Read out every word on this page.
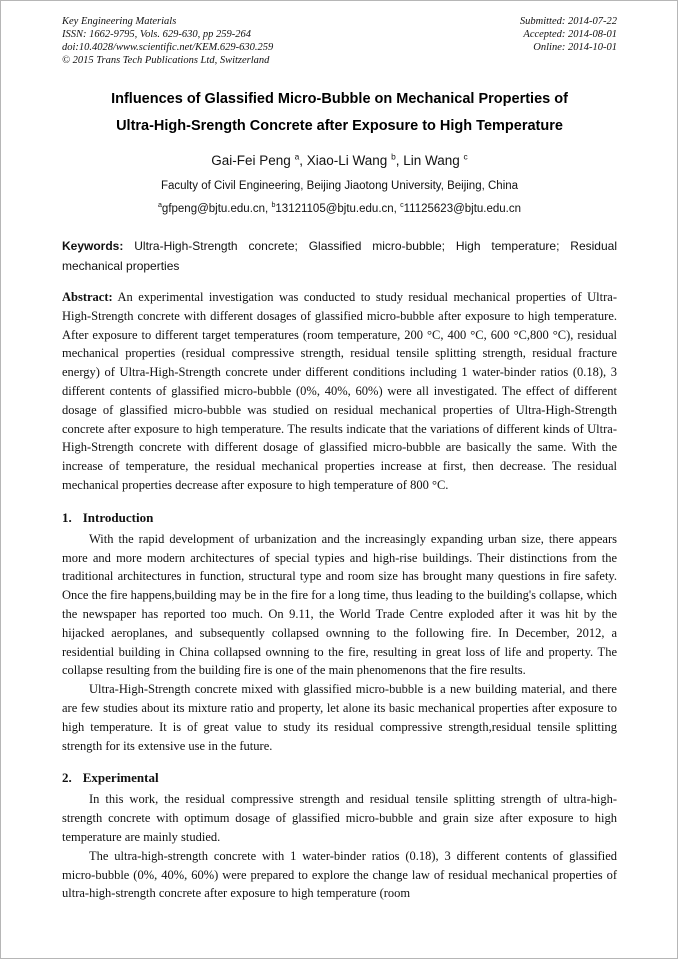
Key Engineering Materials
ISSN: 1662-9795, Vols. 629-630, pp 259-264
doi:10.4028/www.scientific.net/KEM.629-630.259
© 2015 Trans Tech Publications Ltd, Switzerland
Submitted: 2014-07-22
Accepted: 2014-08-01
Online: 2014-10-01
Influences of Glassified Micro-Bubble on Mechanical Properties of
Ultra-High-Srength Concrete after Exposure to High Temperature
Gai-Fei Peng $^a$, Xiao-Li Wang $^b$, Lin Wang $^c$
Faculty of Civil Engineering, Beijing Jiaotong University, Beijing, China
$^a$gfpeng@bjtu.edu.cn, $^b$13121105@bjtu.edu.cn, $^c$11125623@bjtu.edu.cn

Keywords: Ultra-High-Strength concrete; Glassified micro-bubble; High temperature; Residual mechanical properties

Abstract: An experimental investigation was conducted to study residual mechanical properties of Ultra-High-Strength concrete with different dosages of glassified micro-bubble after exposure to high temperature. After exposure to different target temperatures (room temperature, 200 °C, 400 °C, 600 °C,800 °C), residual mechanical properties (residual compressive strength, residual tensile splitting strength, residual fracture energy) of Ultra-High-Strength concrete under different conditions including 1 water-binder ratios (0.18), 3 different contents of glassified micro-bubble (0%, 40%, 60%) were all investigated. The effect of different dosage of glassified micro-bubble was studied on residual mechanical properties of Ultra-High-Strength concrete after exposure to high temperature. The results indicate that the variations of different kinds of Ultra-High-Strength concrete with different dosage of glassified micro-bubble are basically the same. With the increase of temperature, the residual mechanical properties increase at first, then decrease. The residual mechanical properties decrease after exposure to high temperature of 800 °C.

1. Introduction

With the rapid development of urbanization and the increasingly expanding urban size, there appears more and more modern architectures of special typies and high-rise buildings. Their distinctions from the traditional architectures in function, structural type and room size has brought many questions in fire safety. Once the fire happens,building may be in the fire for a long time, thus leading to the building's collapse, which the newspaper has reported too much. On 9.11, the World Trade Centre exploded after it was hit by the hijacked aeroplanes, and subsequently collapsed ownning to the following fire. In December, 2012, a residential building in China collapsed ownning to the fire, resulting in great loss of life and property. The collapse resulting from the building fire is one of the main phenomenons that the fire results.

Ultra-High-Strength concrete mixed with glassified micro-bubble is a new building material, and there are few studies about its mixture ratio and property, let alone its basic mechanical properties after exposure to high temperature. It is of great value to study its residual compressive strength,residual tensile splitting strength for its extensive use in the future.

2. Experimental

In this work, the residual compressive strength and residual tensile splitting strength of ultra-high-strength concrete with optimum dosage of glassified micro-bubble and grain size after exposure to high temperature are mainly studied.

The ultra-high-strength concrete with 1 water-binder ratios (0.18), 3 different contents of glassified micro-bubble (0%, 40%, 60%) were prepared to explore the change law of residual mechanical properties of ultra-high-strength concrete after exposure to high temperature (room
